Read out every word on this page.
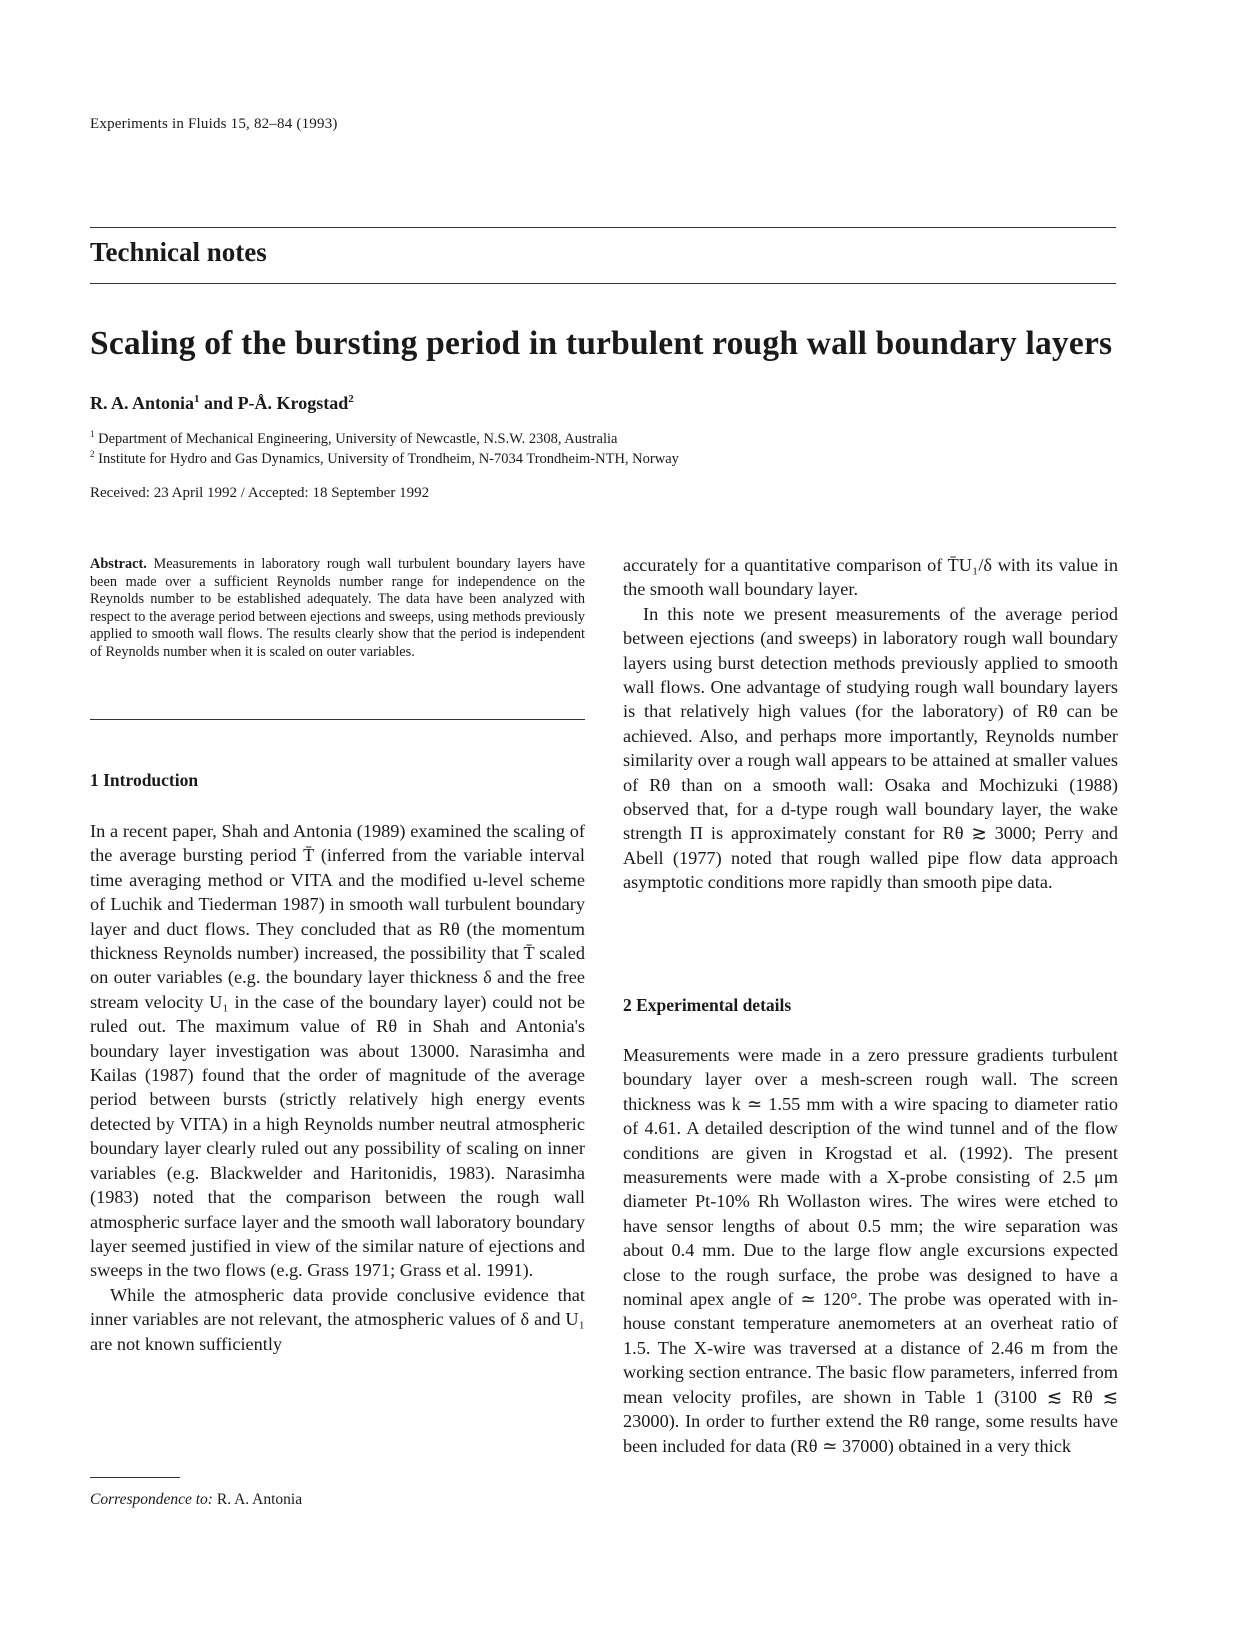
Experiments in Fluids 15, 82–84 (1993)
Technical notes
Scaling of the bursting period in turbulent rough wall boundary layers
R. A. Antonia$^1$ and P-Å. Krogstad$^2$
$^1$ Department of Mechanical Engineering, University of Newcastle, N.S.W. 2308, Australia
$^2$ Institute for Hydro and Gas Dynamics, University of Trondheim, N-7034 Trondheim-NTH, Norway
Received: 23 April 1992 / Accepted: 18 September 1992
Abstract. Measurements in laboratory rough wall turbulent boundary layers have been made over a sufficient Reynolds number range for independence on the Reynolds number to be established adequately. The data have been analyzed with respect to the average period between ejections and sweeps, using methods previously applied to smooth wall flows. The results clearly show that the period is independent of Reynolds number when it is scaled on outer variables.
1 Introduction

In a recent paper, Shah and Antonia (1989) examined the scaling of the average bursting period T̄ (inferred from the variable interval time averaging method or VITA and the modified u-level scheme of Luchik and Tiederman 1987) in smooth wall turbulent boundary layer and duct flows. They concluded that as Rθ (the momentum thickness Reynolds number) increased, the possibility that T̄ scaled on outer variables (e.g. the boundary layer thickness δ and the free stream velocity U₁ in the case of the boundary layer) could not be ruled out. The maximum value of Rθ in Shah and Antonia's boundary layer investigation was about 13000. Narasimha and Kailas (1987) found that the order of magnitude of the average period between bursts (strictly relatively high energy events detected by VITA) in a high Reynolds number neutral atmospheric boundary layer clearly ruled out any possibility of scaling on inner variables (e.g. Blackwelder and Haritonidis, 1983). Narasimha (1983) noted that the comparison between the rough wall atmospheric surface layer and the smooth wall laboratory boundary layer seemed justified in view of the similar nature of ejections and sweeps in the two flows (e.g. Grass 1971; Grass et al. 1991).

While the atmospheric data provide conclusive evidence that inner variables are not relevant, the atmospheric values of δ and U₁ are not known sufficiently

Correspondence to: R. A. Antonia

accurately for a quantitative comparison of T̄U₁/δ with its value in the smooth wall boundary layer.

In this note we present measurements of the average period between ejections (and sweeps) in laboratory rough wall boundary layers using burst detection methods previously applied to smooth wall flows. One advantage of studying rough wall boundary layers is that relatively high values (for the laboratory) of Rθ can be achieved. Also, and perhaps more importantly, Reynolds number similarity over a rough wall appears to be attained at smaller values of Rθ than on a smooth wall: Osaka and Mochizuki (1988) observed that, for a d-type rough wall boundary layer, the wake strength Π is approximately constant for Rθ ≳ 3000; Perry and Abell (1977) noted that rough walled pipe flow data approach asymptotic conditions more rapidly than smooth pipe data.

2 Experimental details

Measurements were made in a zero pressure gradients turbulent boundary layer over a mesh-screen rough wall. The screen thickness was k ≃ 1.55 mm with a wire spacing to diameter ratio of 4.61. A detailed description of the wind tunnel and of the flow conditions are given in Krogstad et al. (1992). The present measurements were made with a X-probe consisting of 2.5 μm diameter Pt-10% Rh Wollaston wires. The wires were etched to have sensor lengths of about 0.5 mm; the wire separation was about 0.4 mm. Due to the large flow angle excursions expected close to the rough surface, the probe was designed to have a nominal apex angle of ≃ 120°. The probe was operated with in-house constant temperature anemometers at an overheat ratio of 1.5. The X-wire was traversed at a distance of 2.46 m from the working section entrance. The basic flow parameters, inferred from mean velocity profiles, are shown in Table 1 (3100 ≲ Rθ ≲ 23000). In order to further extend the Rθ range, some results have been included for data (Rθ ≃ 37000) obtained in a very thick
